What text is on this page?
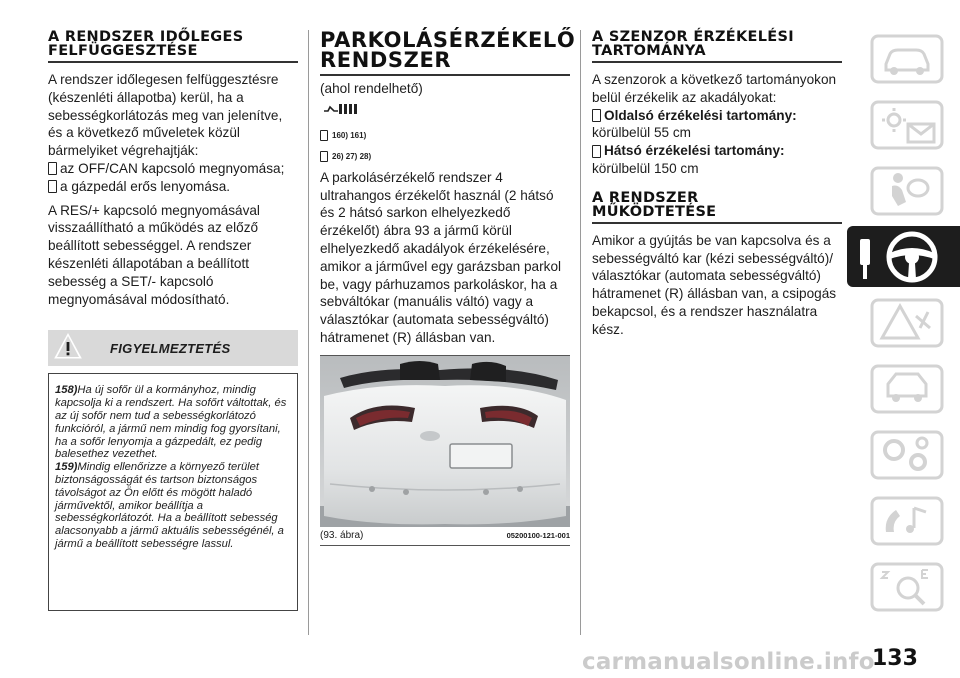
A RENDSZER IDŐLEGES
FELFÜGGESZTÉSE

A rendszer időlegesen felfüggesztésre (készenléti állapotba) kerül, ha a sebességkorlátozás meg van jelenítve, és a következő műveletek közül bármelyiket végrehajtják:

az OFF/CAN kapcsoló megnyomása;
a gázpedál erős lenyomása.

A RES/+ kapcsoló megnyomásával visszaállítható a működés az előző beállított sebességgel. A rendszer készenléti állapotában a beállított sebesség a SET/- kapcsoló megnyomásával módosítható.

FIGYELMEZTETÉS

158)Ha új sofőr ül a kormányhoz, mindig kapcsolja ki a rendszert. Ha sofőrt váltottak, és az új sofőr nem tud a sebességkorlátozó funkcióról, a jármű nem mindig fog gyorsítani, ha a sofőr lenyomja a gázpedált, ez pedig balesethez vezethet.

159)Mindig ellenőrizze a környező terület biztonságosságát és tartson biztonságos távolságot az Ön előtt és mögött haladó járművektől, amikor beállítja a sebességkorlátozót. Ha a beállított sebesség alacsonyabb a jármű aktuális sebességénél, a jármű a beállított sebességre lassul.

PARKOLÁSÉRZÉKELŐ
RENDSZER

(ahol rendelhető)

160) 161)
26) 27) 28)

A parkolásérzékelő rendszer 4 ultrahangos érzékelőt használ (2 hátsó és 2 hátsó sarkon elhelyezkedő érzékelőt) ábra 93 a jármű körül elhelyezkedő akadályok érzékelésére, amikor a járművel egy garázsban parkol be, vagy párhuzamos parkoláskor, ha a sebváltókar (manuális váltó) vagy a választókar (automata sebességváltó) hátramenet (R) állásban van.

(93. ábra)	05200100-121-001
A SZENZOR ÉRZÉKELÉSI
TARTOMÁNYA

A szenzorok a következő tartományokon belül érzékelik az akadályokat:

Oldalsó érzékelési tartomány:

körülbelül 55 cm

Hátsó érzékelési tartomány:

körülbelül 150 cm

A RENDSZER
MŰKÖDTETÉSE

Amikor a gyújtás be van kapcsolva és a sebességváltó kar (kézi sebességváltó)/ választókar (automata sebességváltó) hátramenet (R) állásban van, a csipogás bekapcsol, és a rendszer használatra kész.

carmanualsonline.info
133
